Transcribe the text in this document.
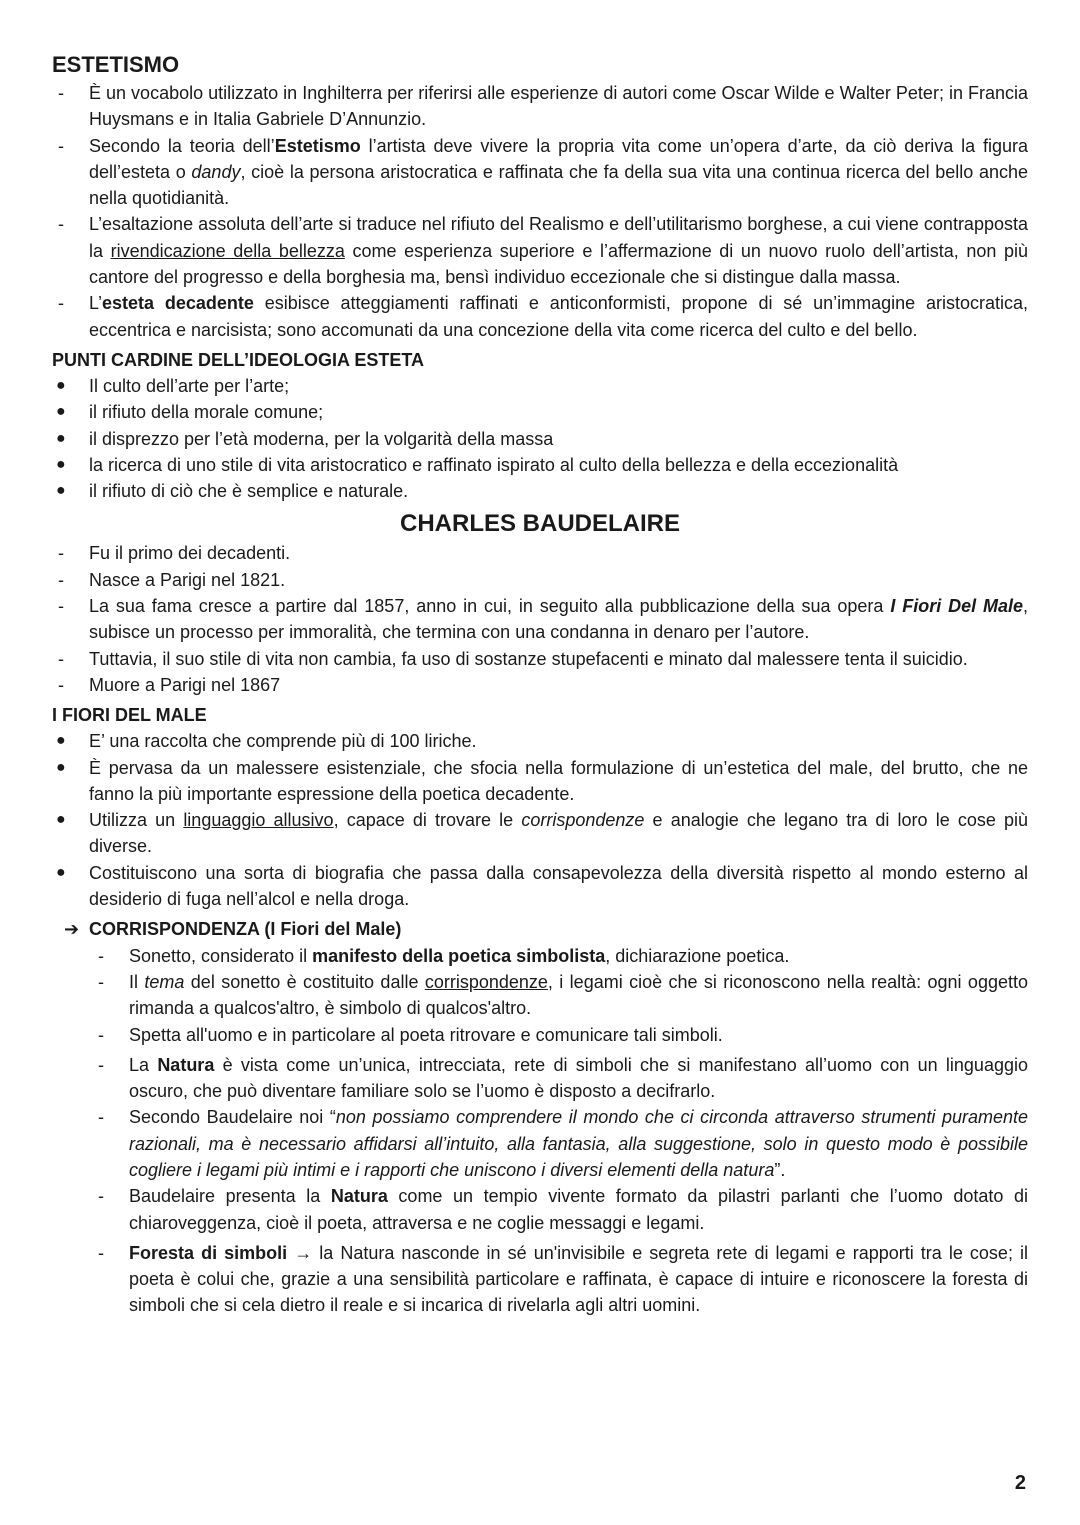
ESTETISMO
-	È un vocabolo utilizzato in Inghilterra per riferirsi alle esperienze di autori come Oscar Wilde e Walter Peter; in Francia Huysmans e in Italia Gabriele D’Annunzio.
-	Secondo la teoria dell’Estetismo l’artista deve vivere la propria vita come un’opera d’arte, da ciò deriva la figura dell’esteta o dandy, cioè la persona aristocratica e raffinata che fa della sua vita una continua ricerca del bello anche nella quotidianità.
-	L’esaltazione assoluta dell’arte si traduce nel rifiuto del Realismo e dell’utilitarismo borghese, a cui viene contrapposta la rivendicazione della bellezza come esperienza superiore e l’affermazione di un nuovo ruolo dell’artista, non più cantore del progresso e della borghesia ma, bensì individuo eccezionale che si distingue dalla massa.
-	L’esteta decadente esibisce atteggiamenti raffinati e anticonformisti, propone di sé un’immagine aristocratica, eccentrica e narcisista; sono accomunati da una concezione della vita come ricerca del culto e del bello.
PUNTI CARDINE DELL’IDEOLOGIA ESTETA
●	Il culto dell’arte per l’arte;
●	il rifiuto della morale comune;
●	il disprezzo per l’età moderna, per la volgarità della massa
●	la ricerca di uno stile di vita aristocratico e raffinato ispirato al culto della bellezza e della eccezionalità
●	il rifiuto di ciò che è semplice e naturale.
CHARLES BAUDELAIRE
-	Fu il primo dei decadenti.
-	Nasce a Parigi nel 1821.
-	La sua fama cresce a partire dal 1857, anno in cui, in seguito alla pubblicazione della sua opera I Fiori Del Male, subisce un processo per immoralità, che termina con una condanna in denaro per l’autore.
-	Tuttavia, il suo stile di vita non cambia, fa uso di sostanze stupefacenti e minato dal malessere tenta il suicidio.
-	Muore a Parigi nel 1867
I FIORI DEL MALE
●	E’ una raccolta che comprende più di 100 liriche.
●	È pervasa da un malessere esistenziale, che sfocia nella formulazione di un’estetica del male, del brutto, che ne fanno la più importante espressione della poetica decadente.
●	Utilizza un linguaggio allusivo, capace di trovare le corrispondenze e analogie che legano tra di loro le cose più diverse.
●	Costituiscono una sorta di biografia che passa dalla consapevolezza della diversità rispetto al mondo esterno al desiderio di fuga nell’alcol e nella droga.
➔ CORRISPONDENZA (I Fiori del Male)
-	Sonetto, considerato il manifesto della poetica simbolista, dichiarazione poetica.
-	Il tema del sonetto è costituito dalle corrispondenze, i legami cioè che si riconoscono nella realtà: ogni oggetto rimanda a qualcos'altro, è simbolo di qualcos'altro.
-	Spetta all'uomo e in particolare al poeta ritrovare e comunicare tali simboli.
-	La Natura è vista come un’unica, intrecciata, rete di simboli che si manifestano all’uomo con un linguaggio oscuro, che può diventare familiare solo se l’uomo è disposto a decifrarlo.
-	Secondo Baudelaire noi “non possiamo comprendere il mondo che ci circonda attraverso strumenti puramente razionali, ma è necessario affidarsi all’intuito, alla fantasia, alla suggestione, solo in questo modo è possibile cogliere i legami più intimi e i rapporti che uniscono i diversi elementi della natura”.
-	Baudelaire presenta la Natura come un tempio vivente formato da pilastri parlanti che l’uomo dotato di chiaroveggenza, cioè il poeta, attraversa e ne coglie messaggi e legami.
-	Foresta di simboli → la Natura nasconde in sé un'invisibile e segreta rete di legami e rapporti tra le cose; il poeta è colui che, grazie a una sensibilità particolare e raffinata, è capace di intuire e riconoscere la foresta di simboli che si cela dietro il reale e si incarica di rivelarla agli altri uomini.
2
